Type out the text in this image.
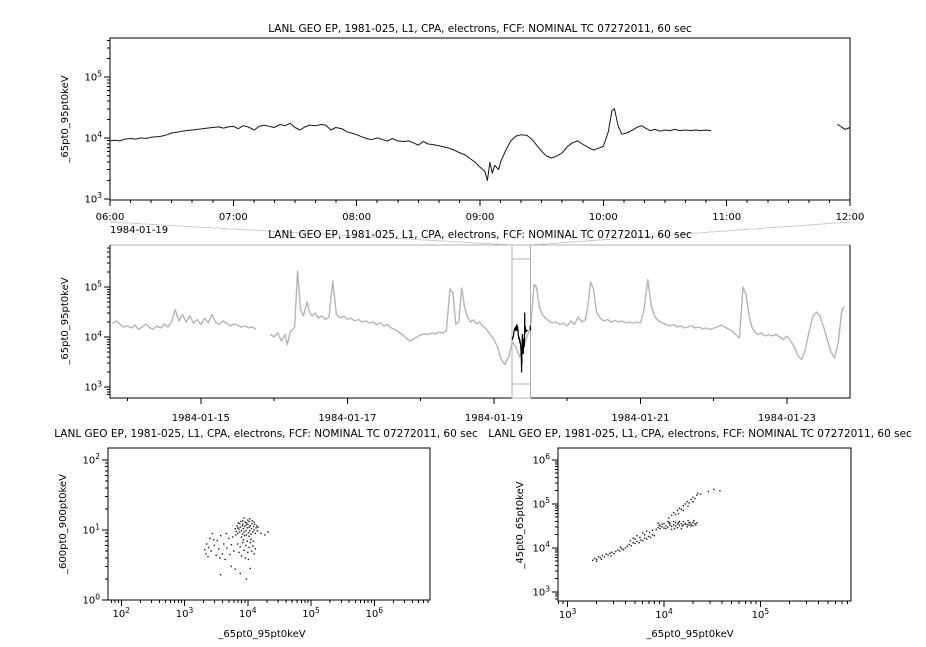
$10^3$
$10^4$
$10^5$
06:00	07:00	08:00	09:00	10:00	11:00	12:00
$10^3$
$10^4$
$10^5$
1984-01-15	1984-01-17	1984-01-19	1984-01-21	1984-01-23
$10^0$
$10^1$
$10^2$
$10^2$	$10^3$	$10^4$	$10^5$	$10^6$
$10^3$
$10^4$
$10^5$
$10^6$
$10^3$	$10^4$	$10^5$
LANL GEO EP, 1981-025, L1, CPA, electrons, FCF: NOMINAL TC 07272011, 60 sec
_65pt0_95pt0keV
1984-01-19	LANL GEO EP, 1981-025, L1, CPA, electrons, FCF: NOMINAL TC 07272011, 60 sec
_65pt0_95pt0keV
LANL GEO EP, 1981-025, L1, CPA, electrons, FCF: NOMINAL TC 07272011, 60 sec
_600pt0_900pt0keV
_65pt0_95pt0keV
LANL GEO EP, 1981-025, L1, CPA, electrons, FCF: NOMINAL TC 07272011, 60 sec
_45pt0_65pt0keV
_65pt0_95pt0keV
